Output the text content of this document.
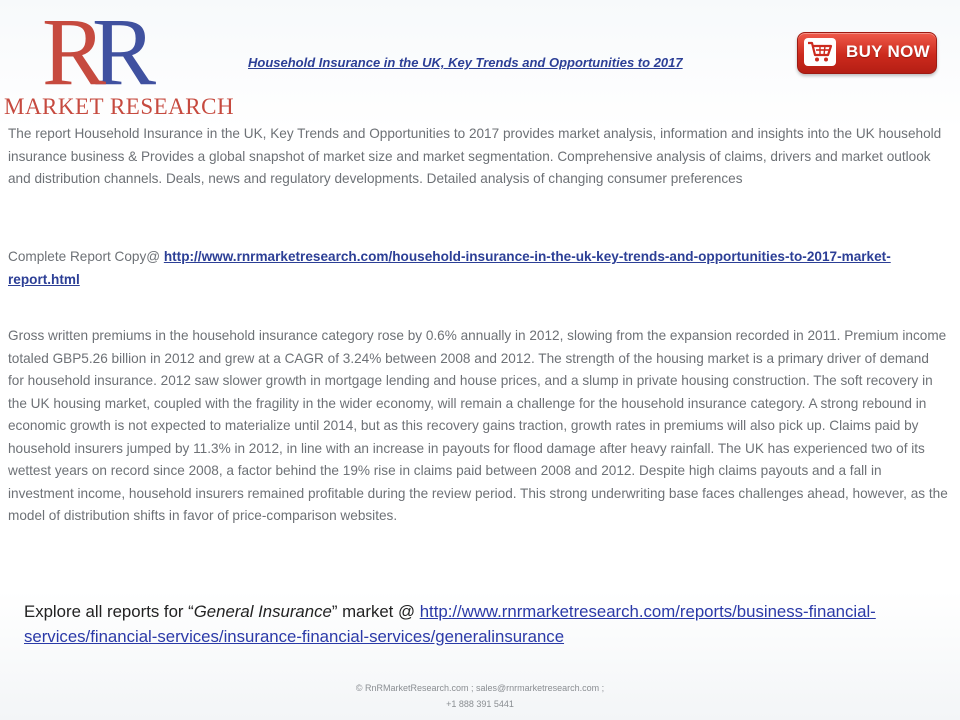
R
R
MARKET RESEARCH
Household Insurance in the UK, Key Trends and Opportunities to 2017
BUY NOW

The report Household Insurance in the UK, Key Trends and Opportunities to 2017 provides market analysis, information and insights into the UK household insurance business & Provides a global snapshot of market size and market segmentation. Comprehensive analysis of claims, drivers and market outlook and distribution channels. Deals, news and regulatory developments. Detailed analysis of changing consumer preferences

Complete Report Copy@ http://www.rnrmarketresearch.com/household-insurance-in-the-uk-key-trends-and-opportunities-to-2017-market-report.html

Gross written premiums in the household insurance category rose by 0.6% annually in 2012, slowing from the expansion recorded in 2011. Premium income totaled GBP5.26 billion in 2012 and grew at a CAGR of 3.24% between 2008 and 2012. The strength of the housing market is a primary driver of demand for household insurance. 2012 saw slower growth in mortgage lending and house prices, and a slump in private housing construction. The soft recovery in the UK housing market, coupled with the fragility in the wider economy, will remain a challenge for the household insurance category. A strong rebound in economic growth is not expected to materialize until 2014, but as this recovery gains traction, growth rates in premiums will also pick up. Claims paid by household insurers jumped by 11.3% in 2012, in line with an increase in payouts for flood damage after heavy rainfall. The UK has experienced two of its wettest years on record since 2008, a factor behind the 19% rise in claims paid between 2008 and 2012. Despite high claims payouts and a fall in investment income, household insurers remained profitable during the review period. This strong underwriting base faces challenges ahead, however, as the model of distribution shifts in favor of price-comparison websites.

Explore all reports for “General Insurance” market @ http://www.rnrmarketresearch.com/reports/business-financial-services/financial-services/insurance-financial-services/generalinsurance

© RnRMarketResearch.com ; sales@rnrmarketresearch.com ;
+1 888 391 5441
